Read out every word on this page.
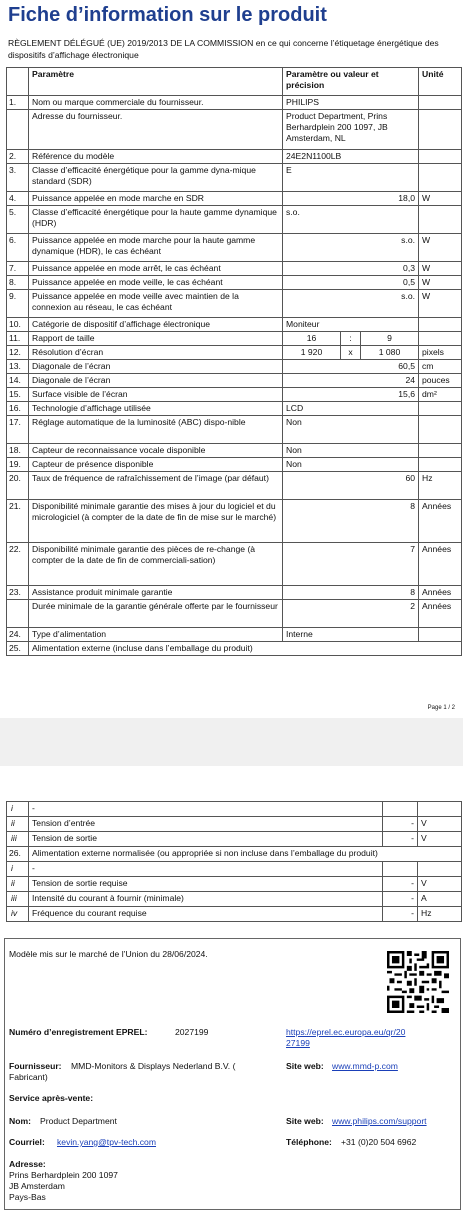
Fiche d’information sur le produit
RÈGLEMENT DÉLÉGUÉ (UE) 2019/2013 DE LA COMMISSION en ce qui concerne l’étiquetage énergétique des dispositifs d’affichage électronique
	Paramètre	Paramètre ou valeur et précision			Unité
1.	Nom ou marque commerciale du fournisseur.	PHILIPS			
	Adresse du fournisseur.	Product Department, Prins Berhardplein 200 1097, JB Amsterdam, NL			
2.	Référence du modèle	24E2N1100LB			
3.	Classe d’efficacité énergétique pour la gamme dyna-mique standard (SDR)	E			
4.	Puissance appelée en mode marche en SDR	18,0			W
5.	Classe d’efficacité énergétique pour la haute gamme dynamique (HDR)	s.o.			
6.	Puissance appelée en mode marche pour la haute gamme dynamique (HDR), le cas échéant	s.o.			W
7.	Puissance appelée en mode arrêt, le cas échéant	0,3			W
8.	Puissance appelée en mode veille, le cas échéant	0,5			W
9.	Puissance appelée en mode veille avec maintien de la connexion au réseau, le cas échéant	s.o.			W
10.	Catégorie de dispositif d’affichage électronique	Moniteur			
11.	Rapport de taille	16	:	9	
12.	Résolution d’écran	1 920	x	1 080	pixels
13.	Diagonale de l’écran	60,5			cm
14.	Diagonale de l’écran	24			pouces
15.	Surface visible de l’écran	15,6			dm²
16.	Technologie d’affichage utilisée	LCD			
17.	Réglage automatique de la luminosité (ABC) dispo-nible	Non			
18.	Capteur de reconnaissance vocale disponible	Non			
19.	Capteur de présence disponible	Non			
20.	Taux de fréquence de rafraîchissement de l’image (par défaut)	60			Hz
21.	Disponibilité minimale garantie des mises à jour du logiciel et du micrologiciel (à compter de la date de fin de mise sur le marché)	8			Années
22.	Disponibilité minimale garantie des pièces de re-change (à compter de la date de fin de commerciali-sation)	7			Années
23.	Assistance produit minimale garantie	8			Années
	Durée minimale de la garantie générale offerte par le fournisseur	2			Années
24.	Type d’alimentation	Interne			
25.	Alimentation externe (incluse dans l’emballage du produit)				
Page 1 / 2
i	-		
ii	Tension d’entrée	-	V
iii	Tension de sortie	-	V
26.	Alimentation externe normalisée (ou appropriée si non incluse dans l’emballage du produit)		
i	-		
ii	Tension de sortie requise	-	V
iii	Intensité du courant à fournir (minimale)	-	A
iv	Fréquence du courant requise	-	Hz
Modèle mis sur le marché de l’Union du 28/06/2024.
Numéro d’enregistrement EPREL:	2027199	https://eprel.ec.europa.eu/qr/20
27199
Fournisseur: MMD-Monitors & Displays Nederland B.V. (
Fabricant)
Site web: www.mmd-p.com
Service après-vente:
Nom: Product Department	Site web: www.philips.com/support
Courriel: kevin.yang@tpv-tech.com	Téléphone: +31 (0)20 504 6962
Adresse:
Prins Berhardplein 200 1097
JB Amsterdam
Pays-Bas
